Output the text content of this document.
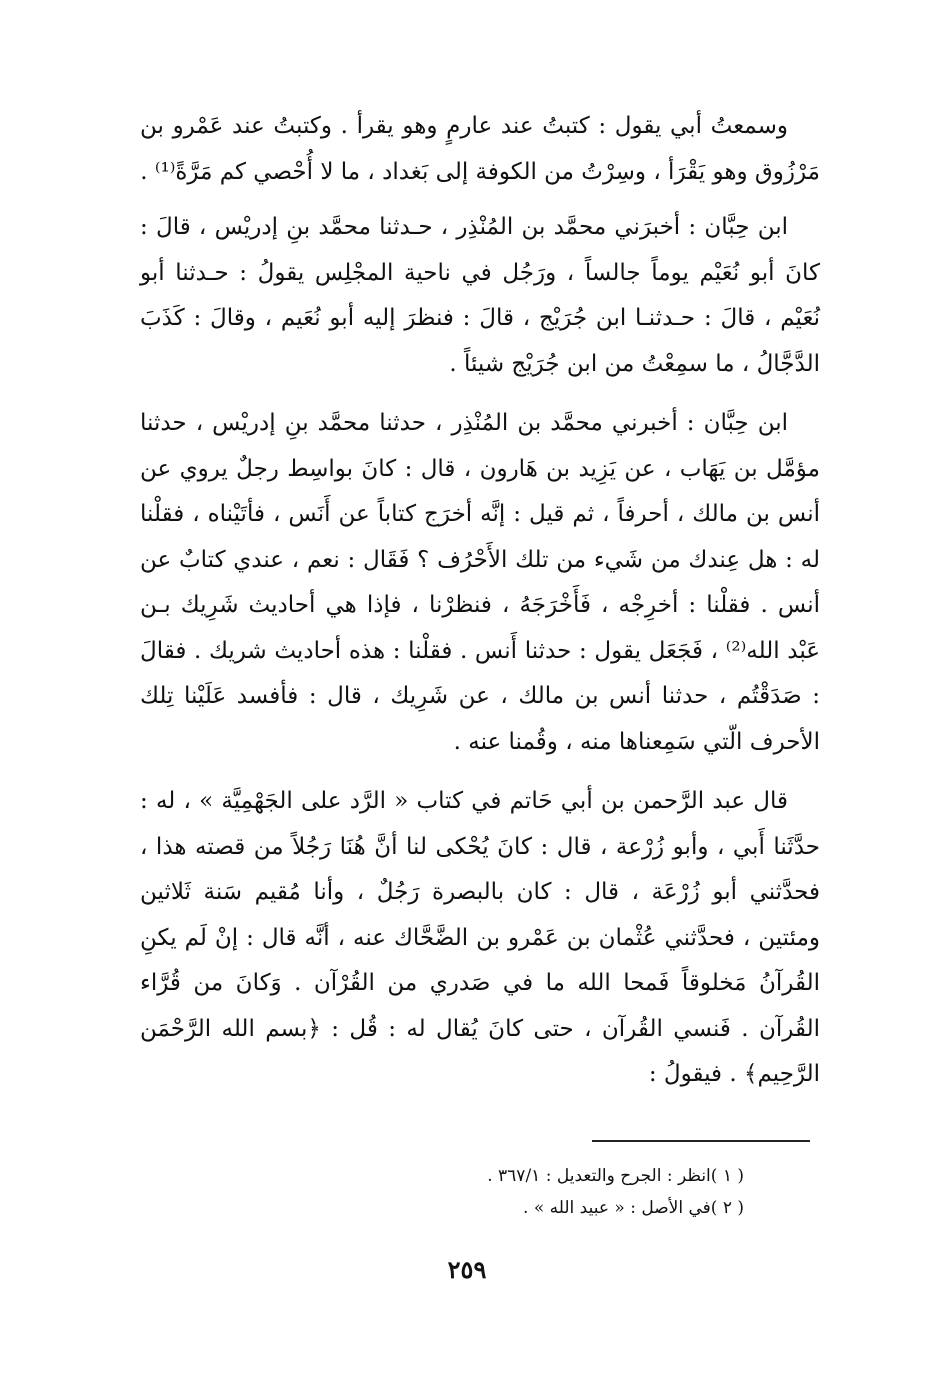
وسمعتُ أبي يقول : كتبتُ عند عارمٍ وهو يقرأ . وكتبتُ عند عَمْرو بن مَرْزُوق وهو يَقْرَأ ، وسِرْتُ من الكوفة إلى بَغداد ، ما لا أُحْصي كم مَرَّةً⁽¹⁾ .

ابن حِبَّان : أخبرَني محمَّد بن المُنْذِر ، حـدثنا محمَّد بنِ إدريْس ، قالَ : كانَ أبو نُعَيْم يوماً جالساً ، ورَجُل في ناحية المجْلِس يقولُ : حـدثنا أبو نُعَيْم ، قالَ : حـدثنـا ابن جُرَيْج ، قالَ : فنظرَ إليه أبو نُعَيم ، وقالَ : كَذَبَ الدَّجَّالُ ، ما سمِعْتُ من ابن جُرَيْج شيئاً .

ابن حِبَّان : أخبرني محمَّد بن المُنْذِر ، حدثنا محمَّد بنِ إدريْس ، حدثنا مؤمَّل بن يَهَاب ، عن يَزِيد بن هَارون ، قال : كانَ بواسِط رجلٌ يروي عن أنس بن مالك ، أحرفاً ، ثم قيل : إنَّه أخرَج كتاباً عن أَنَس ، فأتَيْناه ، فقلْنا له : هل عِندك من شَيء من تلك الأَحْرُف ؟ فَقَال : نعم ، عندي كتابٌ عن أنس . فقلْنا : أخرِجْه ، فَأَخْرَجَهُ ، فنظرْنا ، فإذا هي أحاديث شَرِيك بـن عَبْد الله⁽²⁾ ، فَجَعَل يقول : حدثنا أَنس . فقلْنا : هذه أحاديث شريك . فقالَ : صَدَقْتُم ، حدثنا أنس بن مالك ، عن شَرِيك ، قال : فأفسد عَلَيْنا تِلك الأحرف الّتي سَمِعناها منه ، وقُمنا عنه .

قال عبد الرَّحمن بن أبي حَاتم في كتاب « الرَّد على الجَهْمِيَّة » ، له : حدَّثَنا أَبي ، وأبو زُرْعة ، قال : كانَ يُحْكى لنا أنَّ هُنَا رَجُلاً من قصته هذا ، فحدَّثني أبو زُرْعَة ، قال : كان بالبصرة رَجُلٌ ، وأنا مُقيم سَنة ثَلاثين ومئتين ، فحدَّثني عُثْمان بن عَمْرو بن الضَّحَّاك عنه ، أنَّه قال : إنْ لَم يكنِ القُرآنُ مَخلوقاً فَمحا الله ما في صَدري من القُرْآن . وَكانَ من قُرَّاء القُرآن . فَنسي القُرآن ، حتى كانَ يُقال له : قُل : ﴿بسم الله الرَّحْمَن الرَّحِيم﴾ . فيقولُ :

( ١ )انظر : الجرح والتعديل : ٣٦٧/١ .

( ٢ )في الأصل : « عبيد الله » .

٢٥٩
